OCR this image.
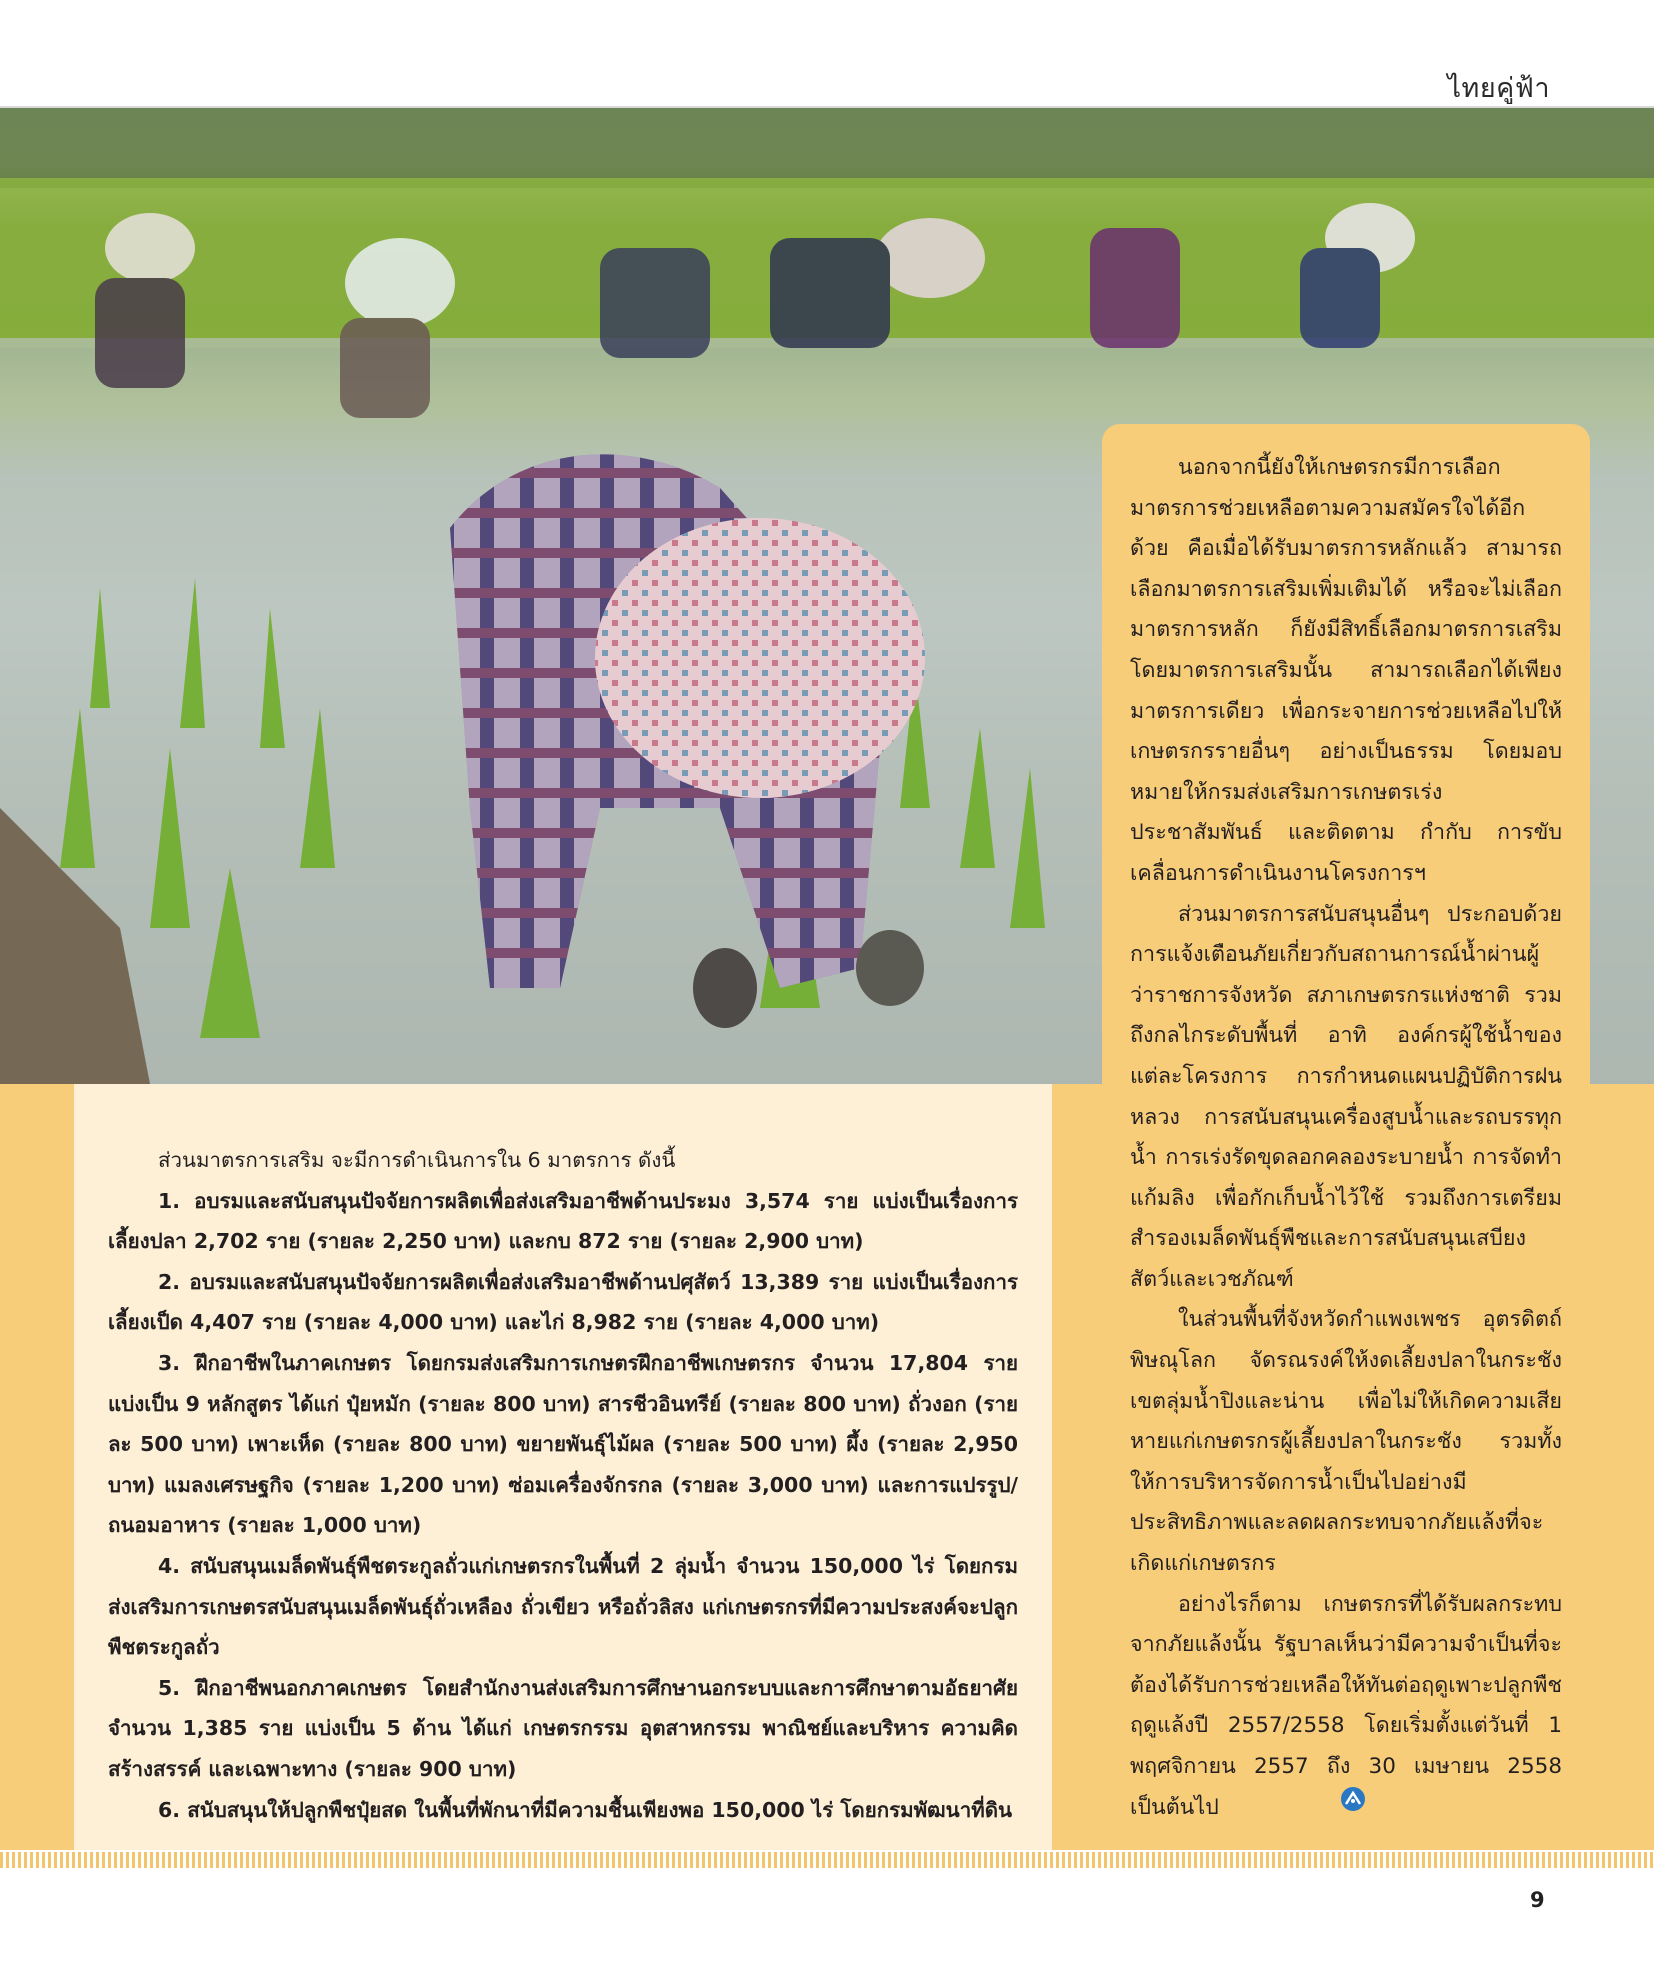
ไทยคู่ฟ้า

นอกจากนี้ยังให้เกษตรกรมีการเลือกมาตรการช่วยเหลือตามความสมัครใจได้อีกด้วย คือเมื่อได้รับมาตรการหลักแล้ว สามารถเลือกมาตรการเสริมเพิ่มเติมได้ หรือจะไม่เลือกมาตรการหลัก ก็ยังมีสิทธิ์เลือกมาตรการเสริม โดยมาตรการเสริมนั้น สามารถเลือกได้เพียงมาตรการเดียว เพื่อกระจายการช่วยเหลือไปให้เกษตรกรรายอื่นๆ อย่างเป็นธรรม โดยมอบหมายให้กรมส่งเสริมการเกษตรเร่งประชาสัมพันธ์ และติดตาม กำกับ การขับเคลื่อนการดำเนินงานโครงการฯ

ส่วนมาตรการสนับสนุนอื่นๆ ประกอบด้วย การแจ้งเตือนภัยเกี่ยวกับสถานการณ์น้ำผ่านผู้ว่าราชการจังหวัด สภาเกษตรกรแห่งชาติ รวมถึงกลไกระดับพื้นที่ อาทิ องค์กรผู้ใช้น้ำของแต่ละโครงการ การกำหนดแผนปฏิบัติการฝนหลวง การสนับสนุนเครื่องสูบน้ำและรถบรรทุกน้ำ การเร่งรัดขุดลอกคลองระบายน้ำ การจัดทำแก้มลิง เพื่อกักเก็บน้ำไว้ใช้ รวมถึงการเตรียมสำรองเมล็ดพันธุ์พืชและการสนับสนุนเสบียงสัตว์และเวชภัณฑ์

ในส่วนพื้นที่จังหวัดกำแพงเพชร อุตรดิตถ์ พิษณุโลก จัดรณรงค์ให้งดเลี้ยงปลาในกระชังเขตลุ่มน้ำปิงและน่าน เพื่อไม่ให้เกิดความเสียหายแก่เกษตรกรผู้เลี้ยงปลาในกระชัง รวมทั้งให้การบริหารจัดการน้ำเป็นไปอย่างมีประสิทธิภาพและลดผลกระทบจากภัยแล้งที่จะเกิดแก่เกษตรกร

อย่างไรก็ตาม เกษตรกรที่ได้รับผลกระทบจากภัยแล้งนั้น รัฐบาลเห็นว่ามีความจำเป็นที่จะต้องได้รับการช่วยเหลือให้ทันต่อฤดูเพาะปลูกพืชฤดูแล้งปี 2557/2558 โดยเริ่มตั้งแต่วันที่ 1 พฤศจิกายน 2557 ถึง 30 เมษายน 2558 เป็นต้นไป

ส่วนมาตรการเสริม จะมีการดำเนินการใน 6 มาตรการ ดังนี้

1. อบรมและสนับสนุนปัจจัยการผลิตเพื่อส่งเสริมอาชีพด้านประมง 3,574 ราย แบ่งเป็นเรื่องการเลี้ยงปลา 2,702 ราย (รายละ 2,250 บาท) และกบ 872 ราย (รายละ 2,900 บาท)

2. อบรมและสนับสนุนปัจจัยการผลิตเพื่อส่งเสริมอาชีพด้านปศุสัตว์ 13,389 ราย แบ่งเป็นเรื่องการเลี้ยงเป็ด 4,407 ราย (รายละ 4,000 บาท) และไก่ 8,982 ราย (รายละ 4,000 บาท)

3. ฝึกอาชีพในภาคเกษตร โดยกรมส่งเสริมการเกษตรฝึกอาชีพเกษตรกร จำนวน 17,804 ราย แบ่งเป็น 9 หลักสูตร ได้แก่ ปุ๋ยหมัก (รายละ 800 บาท) สารชีวอินทรีย์ (รายละ 800 บาท) ถั่วงอก (รายละ 500 บาท) เพาะเห็ด (รายละ 800 บาท) ขยายพันธุ์ไม้ผล (รายละ 500 บาท) ผึ้ง (รายละ 2,950 บาท) แมลงเศรษฐกิจ (รายละ 1,200 บาท) ซ่อมเครื่องจักรกล (รายละ 3,000 บาท) และการแปรรูป/ถนอมอาหาร (รายละ 1,000 บาท)

4. สนับสนุนเมล็ดพันธุ์พืชตระกูลถั่วแก่เกษตรกรในพื้นที่ 2 ลุ่มน้ำ จำนวน 150,000 ไร่ โดยกรมส่งเสริมการเกษตรสนับสนุนเมล็ดพันธุ์ถั่วเหลือง ถั่วเขียว หรือถั่วลิสง แก่เกษตรกรที่มีความประสงค์จะปลูกพืชตระกูลถั่ว

5. ฝึกอาชีพนอกภาคเกษตร โดยสำนักงานส่งเสริมการศึกษานอกระบบและการศึกษาตามอัธยาศัย จำนวน 1,385 ราย แบ่งเป็น 5 ด้าน ได้แก่ เกษตรกรรม อุตสาหกรรม พาณิชย์และบริหาร ความคิดสร้างสรรค์ และเฉพาะทาง (รายละ 900 บาท)

6. สนับสนุนให้ปลูกพืชปุ๋ยสด ในพื้นที่พักนาที่มีความชื้นเพียงพอ 150,000 ไร่ โดยกรมพัฒนาที่ดิน

9
